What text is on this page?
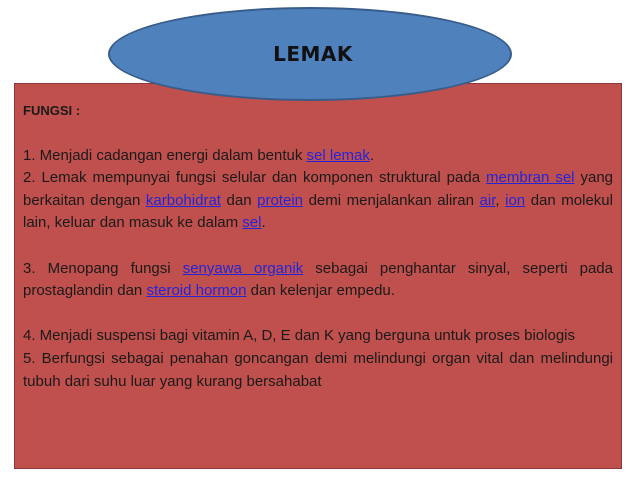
FUNGSI :

1. Menjadi cadangan energi dalam bentuk sel lemak.

2. Lemak mempunyai fungsi selular dan komponen struktural pada membran sel yang berkaitan dengan karbohidrat dan protein demi menjalankan aliran air, ion dan molekul lain, keluar dan masuk ke dalam sel.

3. Menopang fungsi senyawa organik sebagai penghantar sinyal, seperti pada prostaglandin dan steroid hormon dan kelenjar empedu.

4. Menjadi suspensi bagi vitamin A, D, E dan K yang berguna untuk proses biologis

5. Berfungsi sebagai penahan goncangan demi melindungi organ vital dan melindungi tubuh dari suhu luar yang kurang bersahabat

LEMAK
